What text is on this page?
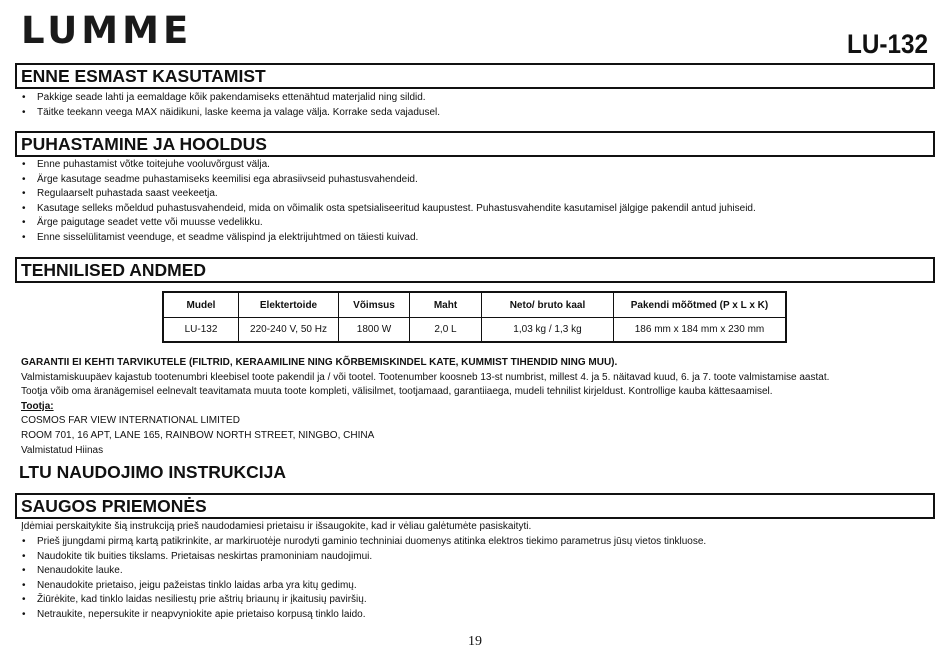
LUMME	LU-132
ENNE ESMAST KASUTAMIST
• Pakkige seade lahti ja eemaldage kõik pakendamiseks ettenähtud materjalid ning sildid.
• Täitke teekann veega MAX näidikuni, laske keema ja valage välja. Korrake seda vajadusel.
PUHASTAMINE JA HOOLDUS
• Enne puhastamist võtke toitejuhe vooluvõrgust välja.
• Ärge kasutage seadme puhastamiseks keemilisi ega abrasiivseid puhastusvahendeid.
• Regulaarselt puhastada saast veekeetja.
• Kasutage selleks mõeldud puhastusvahendeid, mida on võimalik osta spetsialiseeritud kaupustest. Puhastusvahendite kasutamisel jälgige pakendil antud juhiseid.
• Ärge paigutage seadet vette või muusse vedelikku.
• Enne sisselülitamist veenduge, et seadme välispind ja elektrijuhtmed on täiesti kuivad.
TEHNILISED ANDMED
Mudel	Elektertoide	Võimsus	Maht	Neto/ bruto kaal	Pakendi mõõtmed (P x L x K)
LU-132	220-240 V, 50 Hz	1800 W	2,0 L	1,03 kg / 1,3 kg	186 mm x 184 mm x 230 mm
GARANTII EI KEHTI TARVIKUTELE (FILTRID, KERAAMILINE NING KÕRBEMISKINDEL KATE, KUMMIST TIHENDID NING MUU).
Valmistamiskuupäev kajastub tootenumbri kleebisel toote pakendil ja / või tootel. Tootenumber koosneb 13-st numbrist, millest 4. ja 5. näitavad kuud, 6. ja 7. toote valmistamise aastat.
Tootja võib oma äranägemisel eelnevalt teavitamata muuta toote kompleti, välisilmet, tootjamaad, garantiiaega, mudeli tehnilist kirjeldust. Kontrollige kauba kättesaamisel.
Tootja:
COSMOS FAR VIEW INTERNATIONAL LIMITED
ROOM 701, 16 APT, LANE 165, RAINBOW NORTH STREET, NINGBO, CHINA
Valmistatud Hiinas
LTU NAUDOJIMO INSTRUKCIJA
SAUGOS PRIEMONĖS
Įdėmiai perskaitykite šią instrukciją prieš naudodamiesi prietaisu ir išsaugokite, kad ir vėliau galėtumėte pasiskaityti.
• Prieš įjungdami pirmą kartą patikrinkite, ar markiruotėje nurodyti gaminio techniniai duomenys atitinka elektros tiekimo parametrus jūsų vietos tinkluose.
• Naudokite tik buities tikslams. Prietaisas neskirtas pramoniniam naudojimui.
• Nenaudokite lauke.
• Nenaudokite prietaiso, jeigu pažeistas tinklo laidas arba yra kitų gedimų.
• Žiūrėkite, kad tinklo laidas nesiliestų prie aštrių briaunų ir įkaitusių paviršių.
• Netraukite, nepersukite ir neapvyniokite apie prietaiso korpusą tinklo laido.
19
